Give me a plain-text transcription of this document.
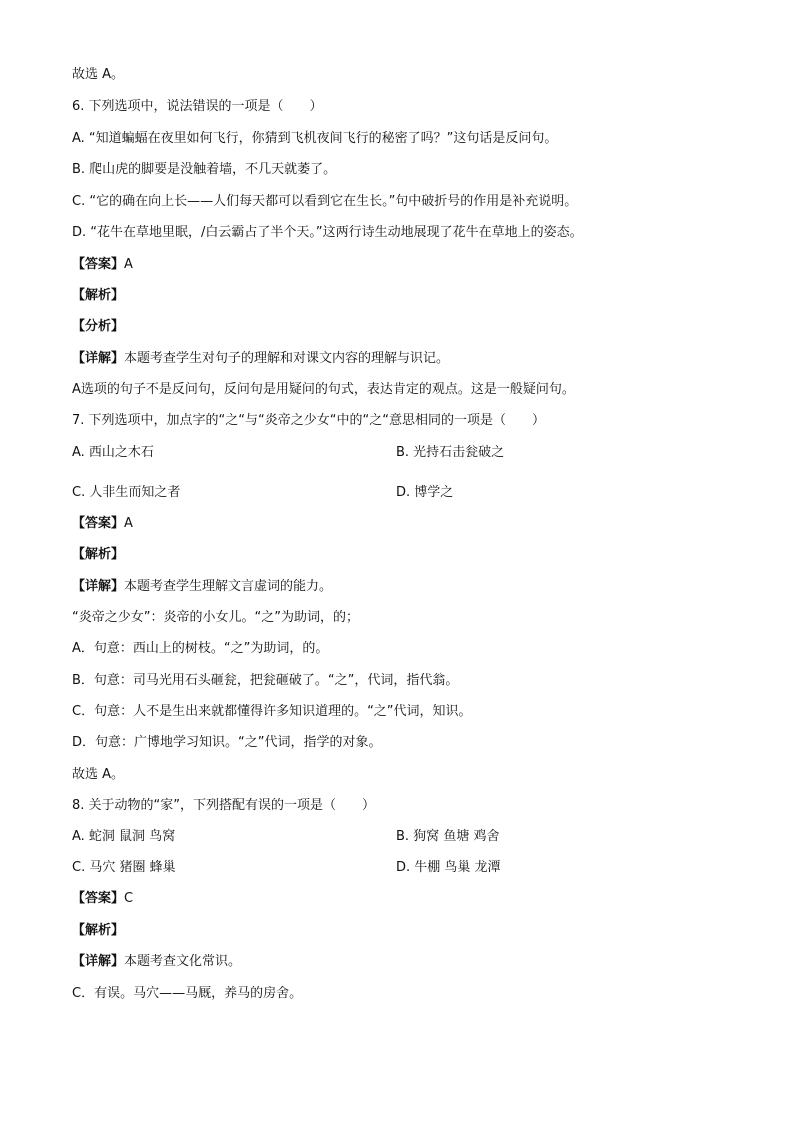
故选 A。
6. 下列选项中，说法错误的一项是（　　）
A. “知道蝙蝠在夜里如何飞行，你猜到飞机夜间飞行的秘密了吗？”这句话是反问句。
B. 爬山虎的脚要是没触着墙，不几天就萎了。
C. “它的确在向上长——人们每天都可以看到它在生长。”句中破折号的作用是补充说明。
D. “花牛在草地里眠，/白云霸占了半个天。”这两行诗生动地展现了花牛在草地上的姿态。
【答案】A
【解析】
【分析】
【详解】本题考查学生对句子的理解和对课文内容的理解与识记。
A选项的句子不是反问句，反问句是用疑问的句式，表达肯定的观点。这是一般疑问句。
7. 下列选项中，加点字的“之“与“炎帝之少女“中的“之“意思相同的一项是（　　）
A. 西山之木石	B. 光持石击瓮破之
C. 人非生而知之者	D. 博学之
【答案】A
【解析】
【详解】本题考查学生理解文言虚词的能力。
“炎帝之少女”：炎帝的小女儿。“之”为助词，的；
A．句意：西山上的树枝。“之”为助词，的。
B．句意：司马光用石头砸瓮，把瓮砸破了。“之”，代词，指代翁。
C．句意：人不是生出来就都懂得许多知识道理的。“之”代词，知识。
D．句意：广博地学习知识。“之”代词，指学的对象。
故选 A。
8. 关于动物的“家”，下列搭配有误的一项是（　　）
A. 蛇洞 鼠洞 鸟窝	B. 狗窝 鱼塘 鸡舍
C. 马穴 猪圈 蜂巢	D. 牛棚 鸟巢 龙潭
【答案】C
【解析】
【详解】本题考查文化常识。
C．有误。马穴——马厩，养马的房舍。
